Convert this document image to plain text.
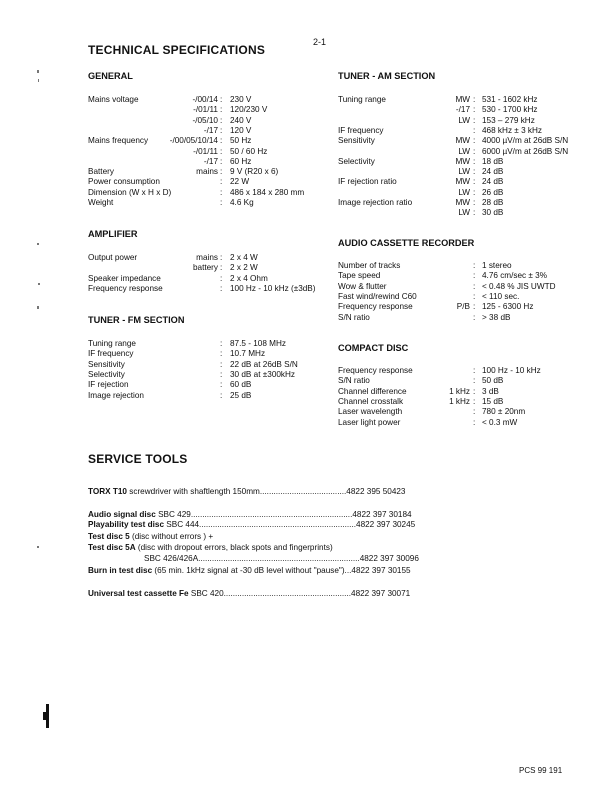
2-1
TECHNICAL SPECIFICATIONS
GENERAL
Mains voltage	-/00/14 : 230 V
-/01/11 : 120/230 V
-/05/10 : 240 V
-/17 : 120 V
Mains frequency	-/00/05/10/14 : 50 Hz
-/01/11 : 50 / 60 Hz
-/17 : 60 Hz
Battery	mains : 9 V (R20 x 6)
Power consumption	: 22 W
Dimension (W x H x D)	: 486 x 184 x 280 mm
Weight	: 4.6 Kg
AMPLIFIER
Output power	mains : 2 x 4 W
battery : 2 x 2 W
Speaker impedance	: 2 x 4 Ohm
Frequency response	: 100 Hz - 10 kHz (±3dB)
TUNER - FM SECTION
Tuning range	: 87.5 - 108 MHz
IF frequency	: 10.7 MHz
Sensitivity	: 22 dB at 26dB S/N
Selectivity	: 30 dB at ±300kHz
IF rejection	: 60 dB
Image rejection	: 25 dB
TUNER - AM SECTION
Tuning range	MW : 531 - 1602 kHz
-/17 : 530 - 1700 kHz
LW : 153 – 279 kHz
IF frequency	: 468 kHz ± 3 kHz
Sensitivity	MW : 4000 µV/m at 26dB S/N
LW : 6000 µV/m at 26dB S/N
Selectivity	MW : 18 dB
LW : 24 dB
IF rejection ratio	MW : 24 dB
LW : 26 dB
Image rejection ratio	MW : 28 dB
LW : 30 dB
AUDIO CASSETTE RECORDER
Number of tracks	: 1 stereo
Tape speed	: 4.76 cm/sec ± 3%
Wow & flutter	: < 0.48 % JIS UWTD
Fast wind/rewind C60	: < 110 sec.
Frequency response	P/B : 125 - 6300 Hz
S/N ratio	: > 38 dB
COMPACT DISC
Frequency response	: 100 Hz - 10 kHz
S/N ratio	: 50 dB
Channel difference	1 kHz : 3 dB
Channel crosstalk	1 kHz : 15 dB
Laser wavelength	: 780 ± 20nm
Laser light power	: < 0.3 mW
SERVICE TOOLS
TORX T10 screwdriver with shaftlength 150mm......................................4822 395 50423
Audio signal disc SBC 429.......................................................................4822 397 30184
Playability test disc SBC 444.....................................................................4822 397 30245
Test disc 5 (disc without errors ) +
Test disc 5A (disc with dropout errors, black spots and fingerprints)
SBC 426/426A.......................................................................4822 397 30096
Burn in test disc (65 min. 1kHz signal at -30 dB level without "pause")...4822 397 30155
Universal test cassette Fe SBC 420........................................................4822 397 30071
PCS 99 191
